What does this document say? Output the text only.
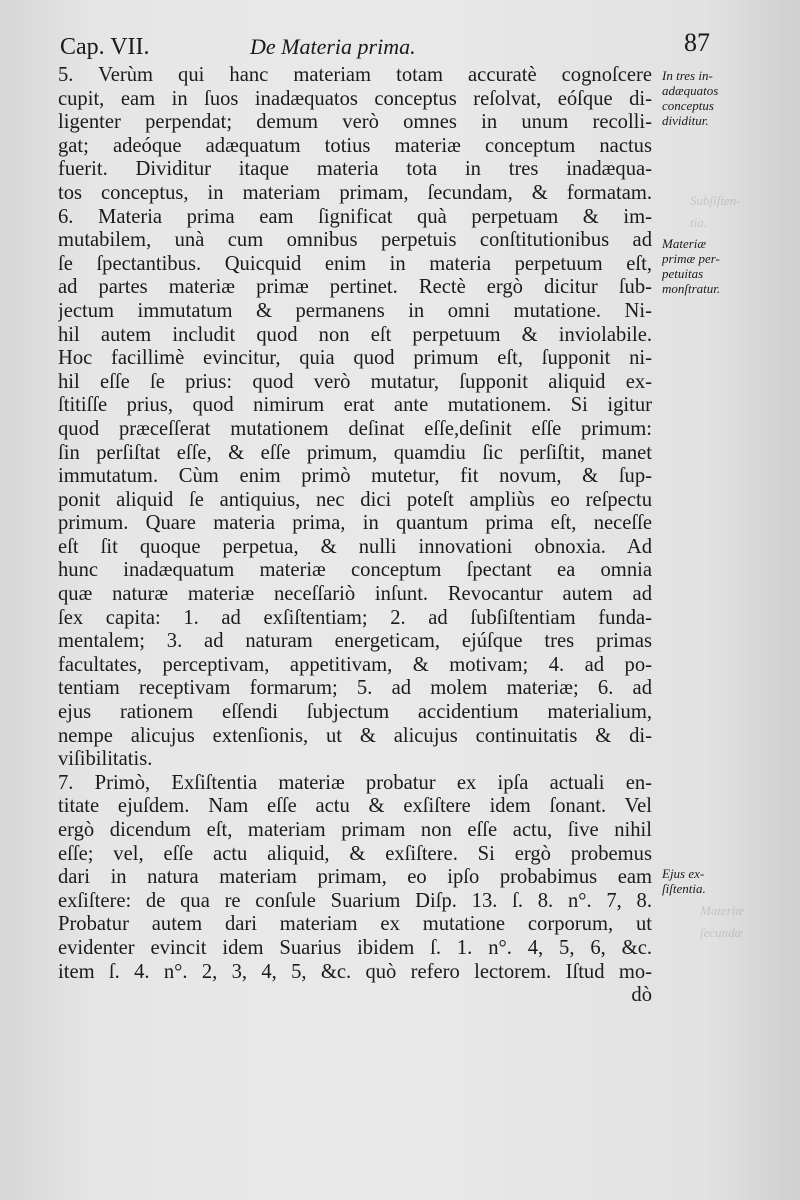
Subſiſten-
tia.
Materiæ
ſecundæ
Cap. VII.	De Materia prima.	87
5. Verùm qui hanc materiam totam accuratè cognoſcere
cupit, eam in ſuos inadæquatos conceptus reſolvat, eóſque di-
ligenter perpendat; demum verò omnes in unum recolli-
gat; adeóque adæquatum totius materiæ conceptum nactus
fuerit. Dividitur itaque materia tota in tres inadæqua-
tos conceptus, in materiam primam, ſecundam, & formatam.
6. Materia prima eam ſignificat quà perpetuam & im-
mutabilem, unà cum omnibus perpetuis conſtitutionibus ad
ſe ſpectantibus. Quicquid enim in materia perpetuum eſt,
ad partes materiæ primæ pertinet. Rectè ergò dicitur ſub-
jectum immutatum & permanens in omni mutatione. Ni-
hil autem includit quod non eſt perpetuum & inviolabile.
Hoc facillimè evincitur, quia quod primum eſt, ſupponit ni-
hil eſſe ſe prius: quod verò mutatur, ſupponit aliquid ex-
ſtitiſſe prius, quod nimirum erat ante mutationem. Si igitur
quod præceſſerat mutationem deſinat eſſe,deſinit eſſe primum:
ſin perſiſtat eſſe, & eſſe primum, quamdiu ſic perſiſtit, manet
immutatum. Cùm enim primò mutetur, fit novum, & ſup-
ponit aliquid ſe antiquius, nec dici poteſt ampliùs eo reſpectu
primum. Quare materia prima, in quantum prima eſt, neceſſe
eſt ſit quoque perpetua, & nulli innovationi obnoxia. Ad
hunc inadæquatum materiæ conceptum ſpectant ea omnia
quæ naturæ materiæ neceſſariò inſunt. Revocantur autem ad
ſex capita: 1. ad exſiſtentiam; 2. ad ſubſiſtentiam funda-
mentalem; 3. ad naturam energeticam, ejúſque tres primas
facultates, perceptivam, appetitivam, & motivam; 4. ad po-
tentiam receptivam formarum; 5. ad molem materiæ; 6. ad
ejus rationem eſſendi ſubjectum accidentium materialium,
nempe alicujus extenſionis, ut & alicujus continuitatis & di-
viſibilitatis.
7. Primò, Exſiſtentia materiæ probatur ex ipſa actuali en-
titate ejuſdem. Nam eſſe actu & exſiſtere idem ſonant. Vel
ergò dicendum eſt, materiam primam non eſſe actu, ſive nihil
eſſe; vel, eſſe actu aliquid, & exſiſtere. Si ergò probemus
dari in natura materiam primam, eo ipſo probabimus eam
exſiſtere: de qua re conſule Suarium Diſp. 13. ſ. 8. n°. 7, 8.
Probatur autem dari materiam ex mutatione corporum, ut
evidenter evincit idem Suarius ibidem ſ. 1. n°. 4, 5, 6, &c.
item ſ. 4. n°. 2, 3, 4, 5, &c. quò refero lectorem. Iſtud mo-
dò
In tres in-
adæquatos
conceptus
dividitur.
Materiæ
primæ per-
petuitas
monſtratur.
Ejus ex-
ſiſtentia.
